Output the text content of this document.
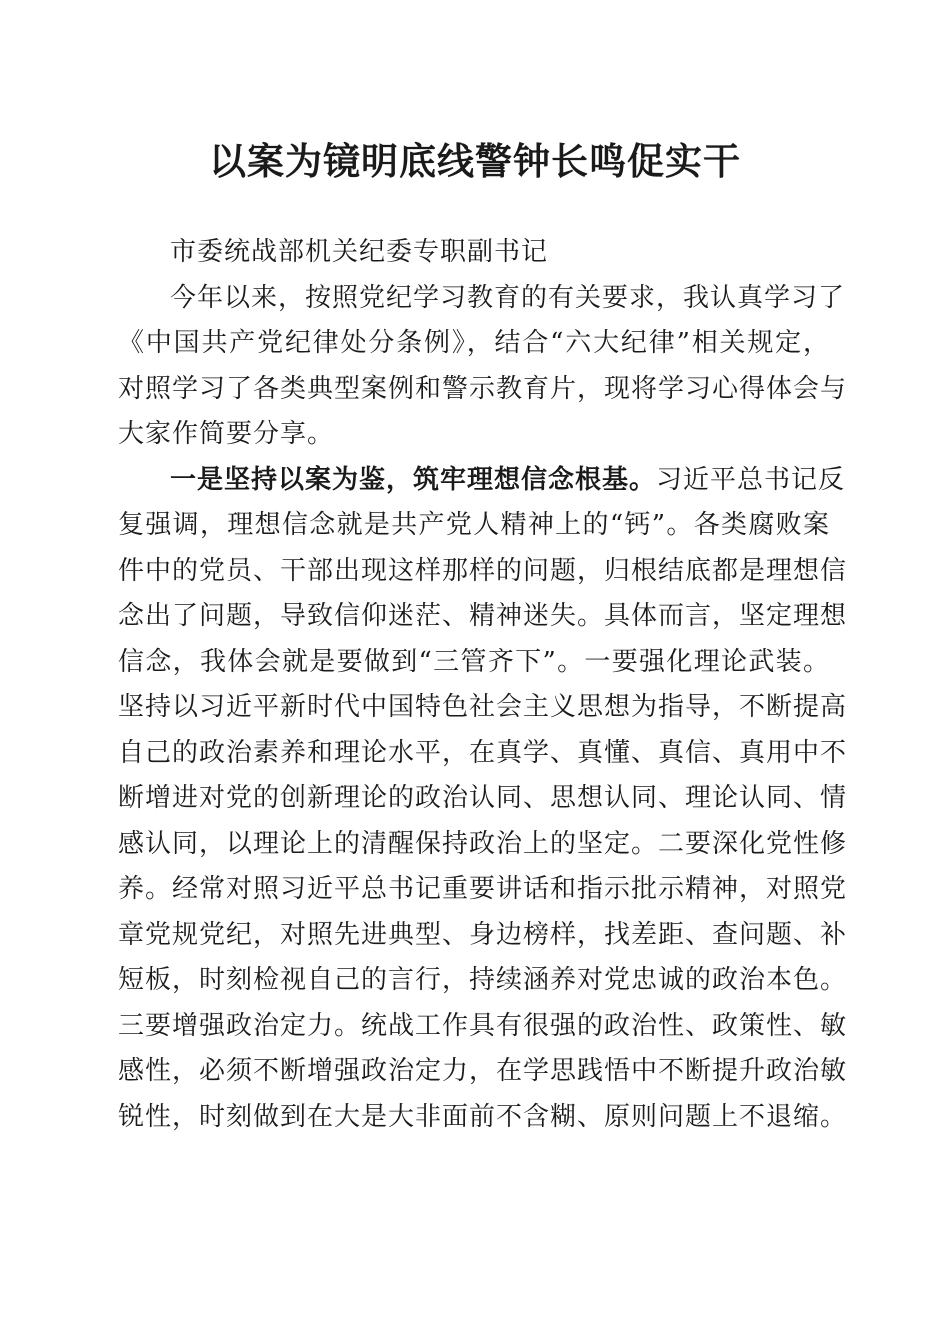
以案为镜明底线警钟长鸣促实干
市委统战部机关纪委专职副书记
今年以来，按照党纪学习教育的有关要求，我认真学习了
《中国共产党纪律处分条例》，结合“六大纪律”相关规定，
对照学习了各类典型案例和警示教育片，现将学习心得体会与
大家作简要分享。
一是坚持以案为鉴，筑牢理想信念根基。习近平总书记反
复强调，理想信念就是共产党人精神上的“钙”。各类腐败案
件中的党员、干部出现这样那样的问题，归根结底都是理想信
念出了问题，导致信仰迷茫、精神迷失。具体而言，坚定理想
信念，我体会就是要做到“三管齐下”。一要强化理论武装。
坚持以习近平新时代中国特色社会主义思想为指导，不断提高
自己的政治素养和理论水平，在真学、真懂、真信、真用中不
断增进对党的创新理论的政治认同、思想认同、理论认同、情
感认同，以理论上的清醒保持政治上的坚定。二要深化党性修
养。经常对照习近平总书记重要讲话和指示批示精神，对照党
章党规党纪，对照先进典型、身边榜样，找差距、查问题、补
短板，时刻检视自己的言行，持续涵养对党忠诚的政治本色。
三要增强政治定力。统战工作具有很强的政治性、政策性、敏
感性，必须不断增强政治定力，在学思践悟中不断提升政治敏
锐性，时刻做到在大是大非面前不含糊、原则问题上不退缩。
